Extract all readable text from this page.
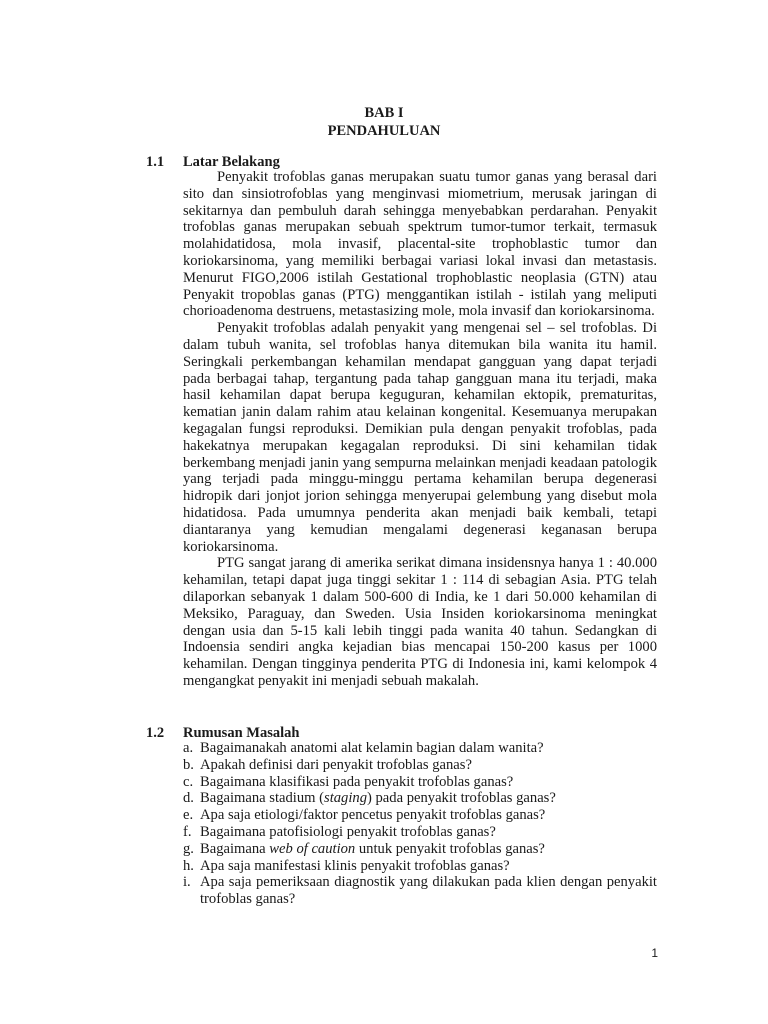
BAB I
PENDAHULUAN
1.1 Latar Belakang

Penyakit trofoblas ganas merupakan suatu tumor ganas yang berasal dari sito dan sinsiotrofoblas yang menginvasi miometrium, merusak jaringan di sekitarnya dan pembuluh darah sehingga menyebabkan perdarahan. Penyakit trofoblas ganas merupakan sebuah spektrum tumor-tumor terkait, termasuk molahidatidosa, mola invasif, placental-site trophoblastic tumor dan koriokarsinoma, yang memiliki berbagai variasi lokal invasi dan metastasis. Menurut FIGO,2006 istilah Gestational trophoblastic neoplasia (GTN) atau Penyakit tropoblas ganas (PTG) menggantikan istilah - istilah yang meliputi chorioadenoma destruens, metastasizing mole, mola invasif dan koriokarsinoma.

Penyakit trofoblas adalah penyakit yang mengenai sel – sel trofoblas. Di dalam tubuh wanita, sel trofoblas hanya ditemukan bila wanita itu hamil. Seringkali perkembangan kehamilan mendapat gangguan yang dapat terjadi pada berbagai tahap, tergantung pada tahap gangguan mana itu terjadi, maka hasil kehamilan dapat berupa keguguran, kehamilan ektopik, prematuritas, kematian janin dalam rahim atau kelainan kongenital. Kesemuanya merupakan kegagalan fungsi reproduksi. Demikian pula dengan penyakit trofoblas, pada hakekatnya merupakan kegagalan reproduksi. Di sini kehamilan tidak berkembang menjadi janin yang sempurna melainkan menjadi keadaan patologik yang terjadi pada minggu-minggu pertama kehamilan berupa degenerasi hidropik dari jonjot jorion sehingga menyerupai gelembung yang disebut mola hidatidosa. Pada umumnya penderita akan menjadi baik kembali, tetapi diantaranya yang kemudian mengalami degenerasi keganasan berupa koriokarsinoma.

PTG sangat jarang di amerika serikat dimana insidensnya hanya 1 : 40.000 kehamilan, tetapi dapat juga tinggi sekitar 1 : 114 di sebagian Asia. PTG telah dilaporkan sebanyak 1 dalam 500-600 di India, ke 1 dari 50.000 kehamilan di Meksiko, Paraguay, dan Sweden. Usia Insiden koriokarsinoma meningkat dengan usia dan 5-15 kali lebih tinggi pada wanita 40 tahun. Sedangkan di Indoensia sendiri angka kejadian bias mencapai 150-200 kasus per 1000 kehamilan. Dengan tingginya penderita PTG di Indonesia ini, kami kelompok 4 mengangkat penyakit ini menjadi sebuah makalah.

1.2 Rumusan Masalah
a. Bagaimanakah anatomi alat kelamin bagian dalam wanita?
b. Apakah definisi dari penyakit trofoblas ganas?
c. Bagaimana klasifikasi pada penyakit trofoblas ganas?
d. Bagaimana stadium (staging) pada penyakit trofoblas ganas?
e. Apa saja etiologi/faktor pencetus penyakit trofoblas ganas?
f. Bagaimana patofisiologi penyakit trofoblas ganas?
g. Bagaimana web of caution untuk penyakit trofoblas ganas?
h. Apa saja manifestasi klinis penyakit trofoblas ganas?
i. Apa saja pemeriksaan diagnostik yang dilakukan pada klien dengan penyakit trofoblas ganas?
1
